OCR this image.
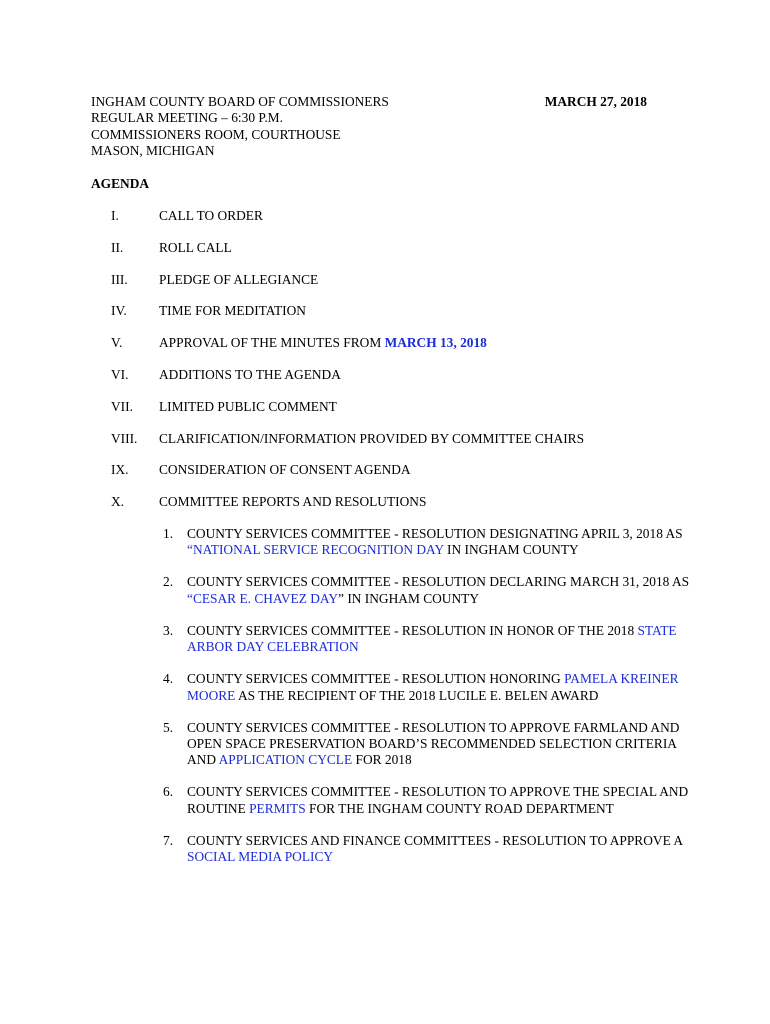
INGHAM COUNTY BOARD OF COMMISSIONERS
REGULAR MEETING – 6:30 P.M.
COMMISSIONERS ROOM, COURTHOUSE
MASON, MICHIGAN
MARCH 27, 2018
AGENDA
I.	CALL TO ORDER
II.	ROLL CALL
III.	PLEDGE OF ALLEGIANCE
IV.	TIME FOR MEDITATION
V.	APPROVAL OF THE MINUTES FROM MARCH 13, 2018
VI.	ADDITIONS TO THE AGENDA
VII.	LIMITED PUBLIC COMMENT
VIII.	CLARIFICATION/INFORMATION PROVIDED BY COMMITTEE CHAIRS
IX.	CONSIDERATION OF CONSENT AGENDA
X.	COMMITTEE REPORTS AND RESOLUTIONS
1.	COUNTY SERVICES COMMITTEE - RESOLUTION DESIGNATING APRIL 3, 2018 AS “NATIONAL SERVICE RECOGNITION DAY IN INGHAM COUNTY
2.	COUNTY SERVICES COMMITTEE - RESOLUTION DECLARING MARCH 31, 2018 AS “CESAR E. CHAVEZ DAY” IN INGHAM COUNTY
3.	COUNTY SERVICES COMMITTEE - RESOLUTION IN HONOR OF THE 2018 STATE ARBOR DAY CELEBRATION
4.	COUNTY SERVICES COMMITTEE - RESOLUTION HONORING PAMELA KREINER MOORE AS THE RECIPIENT OF THE 2018 LUCILE E. BELEN AWARD
5.	COUNTY SERVICES COMMITTEE - RESOLUTION TO APPROVE FARMLAND AND OPEN SPACE PRESERVATION BOARD’S RECOMMENDED SELECTION CRITERIA AND APPLICATION CYCLE FOR 2018
6.	COUNTY SERVICES COMMITTEE - RESOLUTION TO APPROVE THE SPECIAL AND ROUTINE PERMITS FOR THE INGHAM COUNTY ROAD DEPARTMENT
7.	COUNTY SERVICES AND FINANCE COMMITTEES - RESOLUTION TO APPROVE A SOCIAL MEDIA POLICY
